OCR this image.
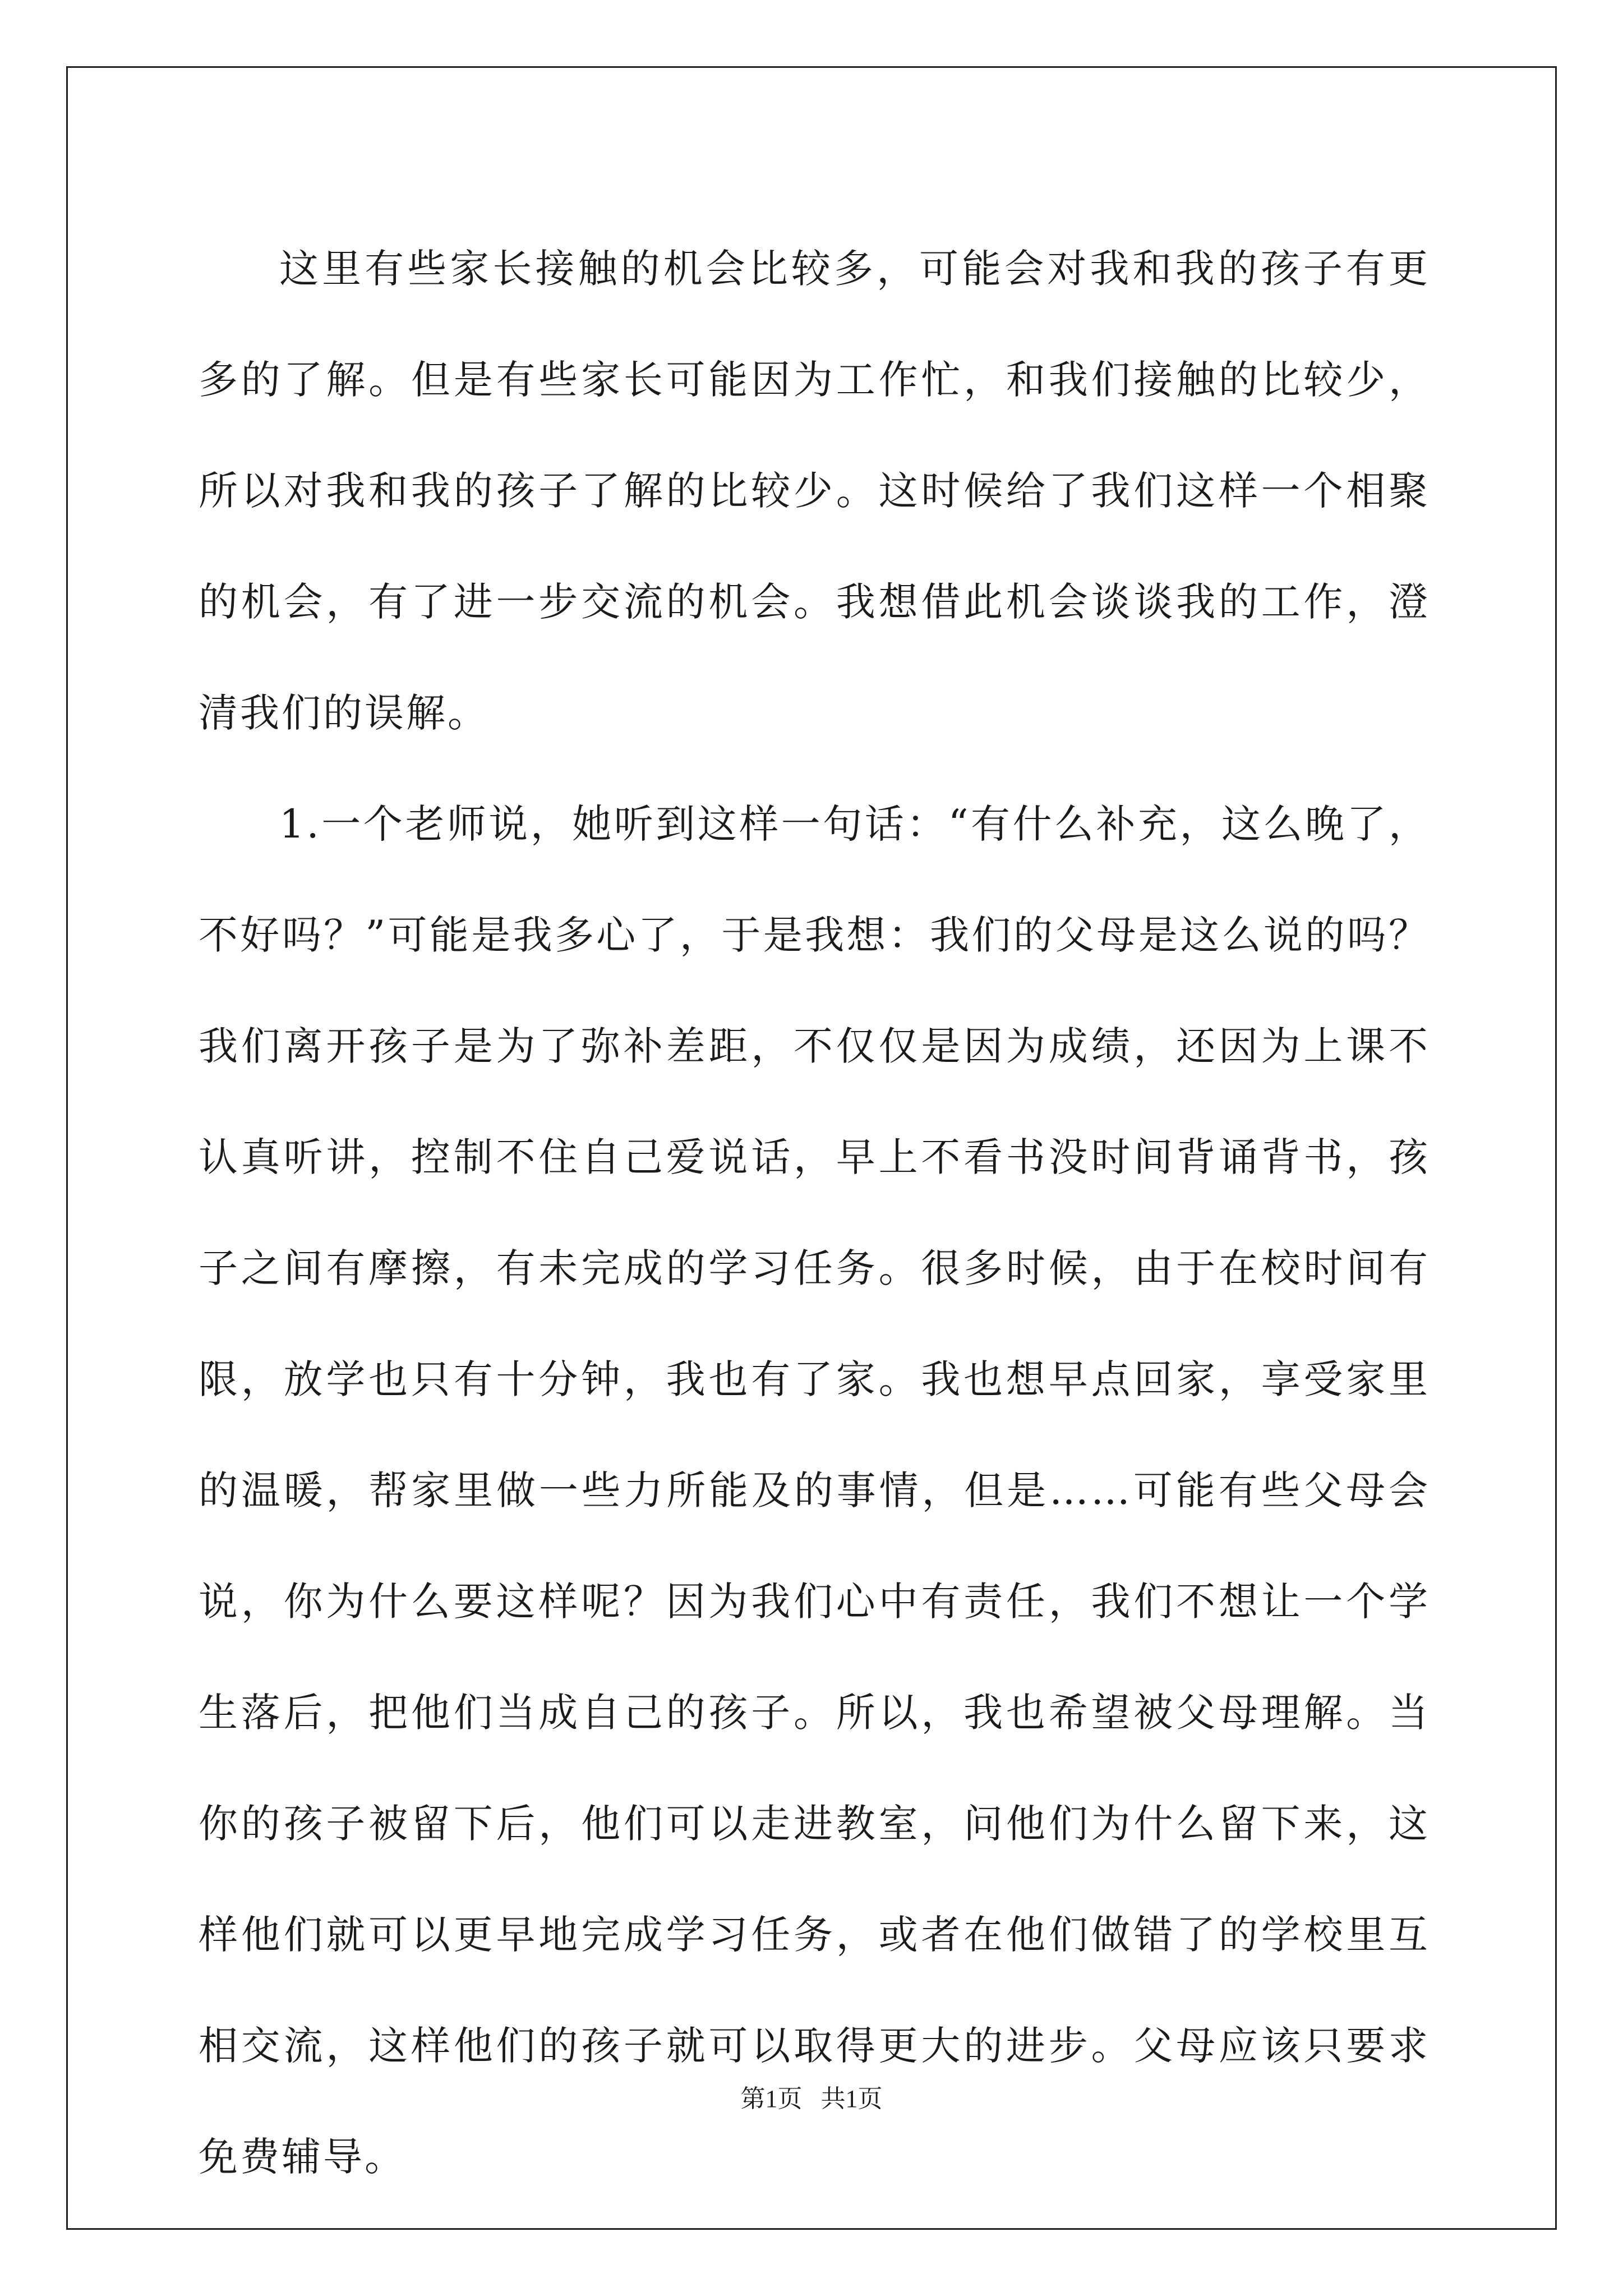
这里有些家长接触的机会比较多，可能会对我和我的孩子有更多的了解。但是有些家长可能因为工作忙，和我们接触的比较少，所以对我和我的孩子了解的比较少。这时候给了我们这样一个相聚的机会，有了进一步交流的机会。我想借此机会谈谈我的工作，澄清我们的误解。

1.一个老师说，她听到这样一句话：“有什么补充，这么晚了，不好吗？”可能是我多心了，于是我想：我们的父母是这么说的吗？我们离开孩子是为了弥补差距，不仅仅是因为成绩，还因为上课不认真听讲，控制不住自己爱说话，早上不看书没时间背诵背书，孩子之间有摩擦，有未完成的学习任务。很多时候，由于在校时间有限，放学也只有十分钟，我也有了家。我也想早点回家，享受家里的温暖，帮家里做一些力所能及的事情，但是……可能有些父母会说，你为什么要这样呢？因为我们心中有责任，我们不想让一个学生落后，把他们当成自己的孩子。所以，我也希望被父母理解。当你的孩子被留下后，他们可以走进教室，问他们为什么留下来，这样他们就可以更早地完成学习任务，或者在他们做错了的学校里互相交流，这样他们的孩子就可以取得更大的进步。父母应该只要求免费辅导。

第1页 共1页
